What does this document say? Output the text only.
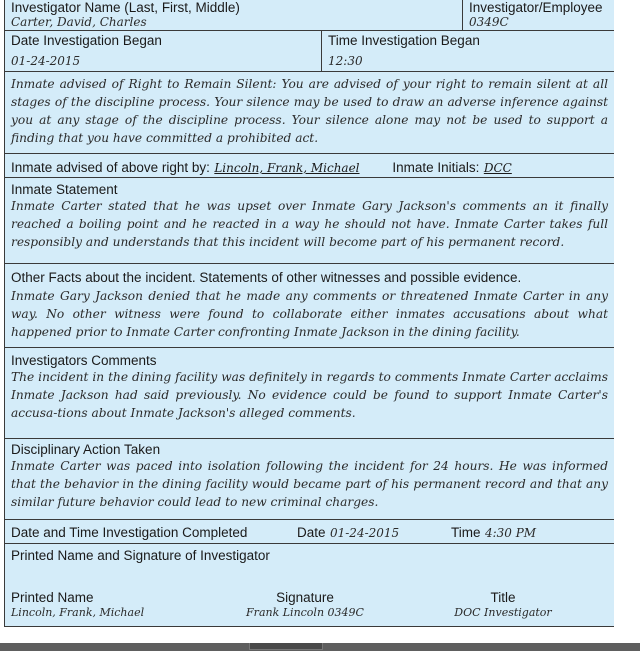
Investigator Name (Last, First, Middle)
Carter, David, Charles
Investigator/Employee
0349C
Date Investigation Began
01-24-2015
Time Investigation Began
12:30
Inmate advised of Right to Remain Silent: You are advised of your right to remain silent at all stages of the discipline process. Your silence may be used to draw an adverse inference against you at any stage of the discipline process. Your silence alone may not be used to support a finding that you have committed a prohibited act.
Inmate advised of above right by: Lincoln, Frank, Michael Inmate Initials: DCC
Inmate Statement
Inmate Carter stated that he was upset over Inmate Gary Jackson's comments an it finally reached a boiling point and he reacted in a way he should not have. Inmate Carter takes full responsibly and understands that this incident will become part of his permanent record.
Other Facts about the incident. Statements of other witnesses and possible evidence.
Inmate Gary Jackson denied that he made any comments or threatened Inmate Carter in any way. No other witness were found to collaborate either inmates accusations about what happened prior to Inmate Carter confronting Inmate Jackson in the dining facility.
Investigators Comments
The incident in the dining facility was definitely in regards to comments Inmate Carter acclaims Inmate Jackson had said previously. No evidence could be found to support Inmate Carter's accusa-tions about Inmate Jackson's alleged comments.
Disciplinary Action Taken
Inmate Carter was paced into isolation following the incident for 24 hours. He was informed that the behavior in the dining facility would became part of his permanent record and that any similar future behavior could lead to new criminal charges.
Date and Time Investigation Completed	Date 01-24-2015	Time 4:30 PM
Printed Name and Signature of Investigator
Printed Name
Lincoln, Frank, Michael
Signature
Frank Lincoln 0349C
Title
DOC Investigator
